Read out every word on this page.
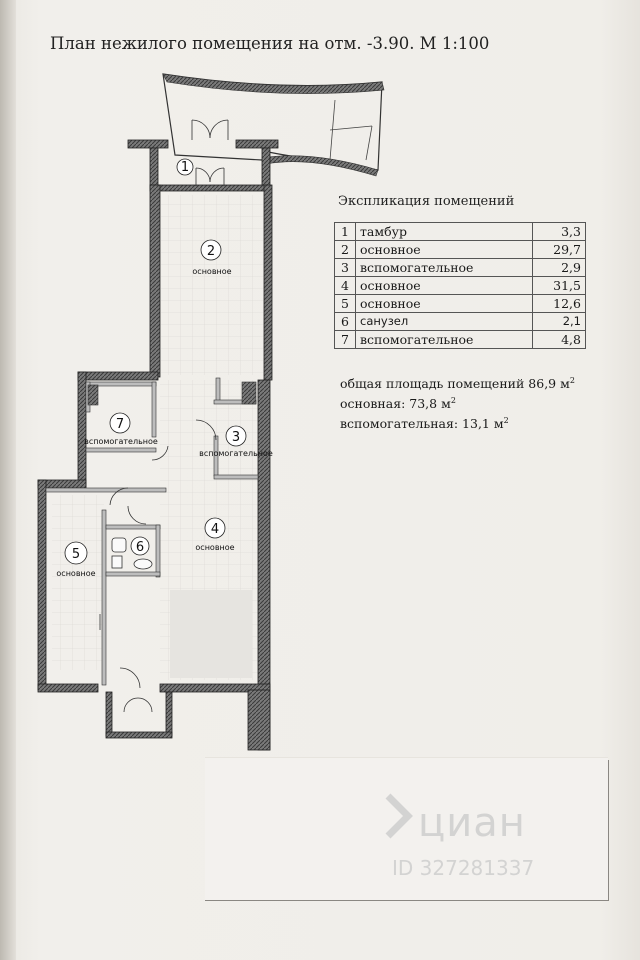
План нежилого помещения на отм. -3.90. М 1:100
1
2
основное
3
вспомогательное
4
основное
5
основное
6
7
вспомогательное
Экспликация помещений
1	тамбур	3,3
2	основное	29,7
3	вспомогательное	2,9
4	основное	31,5
5	основное	12,6
6	санузел	2,1
7	вспомогательное	4,8
общая площадь помещений 86,9 $м^2$
основная: 73,8 $м^2$
вспомогательная: 13,1 $м^2$
циан
ID 327281337
